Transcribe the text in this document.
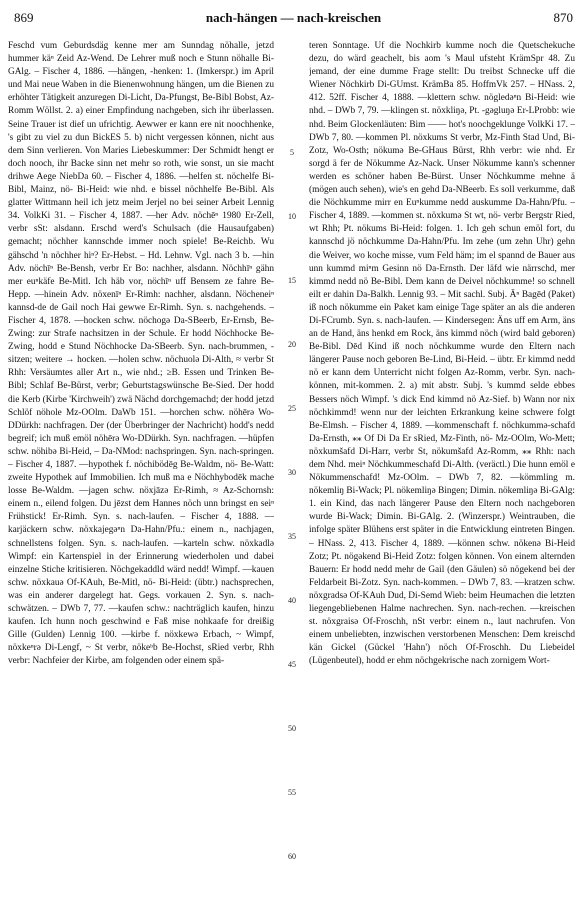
869	nach-hängen — nach-kreischen	870

Feschd vum Geburdsdäg kenne mer am Sunndag nöhalle, jetzd hummer käⁿ Zeid Az-Wend. De Lehrer muß noch e Stunn nöhalle Bi-GAlg. – Fischer 4, 1886. —hängen, -henken: 1. (Imkerspr.) im April und Mai neue Waben in die Bienenwohnung hängen, um die Bienen zu erhöhter Tätigkeit anzuregen Di-Licht, Da-Pfungst, Be-Bibl Bobst, Az-Romm Wöllst. 2. a) einer Empfindung nachgeben, sich ihr überlassen. Seine Trauer ist dief un ufrichtig. Aewwer er kann ere nit noochhenke, 's gibt zu viel zu dun BickES 5. b) nicht vergessen können, nicht aus dem Sinn verlieren. Von Maries Liebeskummer: Der Schmidt hengt er doch nooch, ihr Backe sinn net mehr so roth, wie sonst, un sie macht drihwe Aege NiebDa 60. – Fischer 4, 1886. —helfen st. nöchelfe Bi-Bibl, Mainz, nö- Bi-Heid: wie nhd. e bissel nöchhelfe Be-Bibl. Als glatter Wittmann heil ich jetz meim Jerjel no bei seiner Arbeit Lennig 34. VolkKi 31. – Fischer 4, 1887. —her Adv. nöchēⁿ 1980 Er-Zell, verbr sSt: alsdann. Erschd werd's Schulsach (die Hausaufgaben) gemacht; nöchher kannschde immer noch spiele! Be-Reichb. Wu gähschd 'n nöchher hiⁿ? Er-Hebst. – Hd. Lehnw. Vgl. nach 3 b. —hin Adv. nöchīⁿ Be-Bensh, verbr Er Bo: nachher, alsdann. Nöchhīⁿ gähn mer euⁿkäfe Be-Mitl. Ich häb vor, nöchīⁿ uff Bensem ze fahre Be-Hepp. —hinein Adv. nöxenīⁿ Er-Rimh: nachher, alsdann. Nöcheneiⁿ kannsd-de de Gail noch Hai gewwe Er-Rimh. Syn. s. nachgehends. – Fischer 4, 1878. —hocken schw. nöchogə Da-SBeerb, Er-Ernsb, Be-Zwing: zur Strafe nachsitzen in der Schule. Er hodd Nöchhocke Be-Zwing, hodd e Stund Nöchhocke Da-SBeerb. Syn. nach-brummen, -sitzen; weitere → hocken. —holen schw. nöchuolə Di-Alth, ≈ verbr St Rhh: Versäumtes aller Art n., wie nhd.; ≥B. Essen und Trinken Be-Bibl; Schlaf Be-Bürst, verbr; Geburtstagswünsche Be-Sied. Der hodd die Kerb (Kirbe 'Kirchweih') zwä Nächd dorchgemachd; der hodd jetzd Schlöf nöhole Mz-OOlm. DaWb 151. —horchen schw. nöhērə Wo-DDürkh: nachfragen. Der (der Überbringer der Nachricht) hodd's nedd begreif; ich muß emöl nöhērə Wo-DDürkh. Syn. nachfragen. —hüpfen schw. nöhibə Bi-Heid, – Da-NMod: nachspringen. Syn. nach-springen. – Fischer 4, 1887. —hypothek f. nöchibödēg Be-Waldm, nö- Be-Watt: zweite Hypothek auf Immobilien. Ich muß ma e Nöchhybodēk mache losse Be-Waldm. —jagen schw. nöxjāzə Er-Rimh, ≈ Az-Schornsh: einem n., eilend folgen. Du jēzst dem Hannes nöch unn bringst en seiⁿ Frühstick! Er-Rimh. Syn. s. nach-laufen. – Fischer 4, 1888. —karjäckern schw. nöxkajegəⁿn Da-Hahn/Pfu.: einem n., nachjagen, schnellstens folgen. Syn. s. nach-laufen. —karteln schw. nöxkadlə Wimpf: ein Kartenspiel in der Erinnerung wiederholen und dabei einzelne Stiche kritisieren. Nöchgekaddld wärd nedd! Wimpf. —kauen schw. nöxkauə Of-KAuh, Be-Mitl, nö- Bi-Heid: (übtr.) nachsprechen, was ein anderer dargelegt hat. Gegs. vorkauen 2. Syn. s. nach-schwätzen. – DWb 7, 77. —kaufen schw.: nachträglich kaufen, hinzu kaufen. Ich hunn noch geschwind e Faß mise nohkaafe for dreißig Gille (Gulden) Lennig 100. —kirbe f. nöxkewə Erbach, ~ Wimpf, nöxkeⁿrə Di-Lengf, ~ St verbr, nökeᵇb Be-Hochst, sRied verbr, Rhh verbr: Nachfeier der Kirbe, am folgenden oder einem spä-

5
10
15
20
25
30
35
40
45
50
55
60

teren Sonntage. Uf die Nochkirb kumme noch die Quetschekuche dezu, do wärd geachelt, bis aom 's Maul ufsteht KrämSpr 48. Zu jemand, der eine dumme Frage stellt: Du treibst Schnecke uff die Wiener Nöchkirb Di-GUmst. KrämBa 85. HoffmVk 257. – HNass. 2, 412. 52ff. Fischer 4, 1888. —klettern schw. nögledəⁿn Bi-Heid: wie nhd. – DWb 7, 79. —klingen st. nöxkliŋə, Pt. -gəgluŋə Er-LProbb: wie nhd. Beim Glockenläuten: Bim —— hot's noochgeklunge VolkKi 17. – DWb 7, 80. —kommen Pl. nöxkums St verbr, Mz-Finth Stad Und, Bi-Zotz, Wo-Osth; nökumə Be-GHaus Bürst, Rhh verbr: wie nhd. Er sorgd ä fer de Nökumme Az-Nack. Unser Nökumme kann's schenner werden es schöner haben Be-Bürst. Unser Nöchkumme mehne ä (mögen auch sehen), wie's en gehd Da-NBeerb. Es soll verkumme, daß die Nöchkumme mirr en Euⁿkumme nedd auskumme Da-Hahn/Pfu. – Fischer 4, 1889. —kommen st. nöxkumə St wt, nö- verbr Bergstr Ried, wt Rhh; Pt. nökums Bi-Heid: folgen. 1. Ich geh schun emöl fort, du kannschd jö nöchkumme Da-Hahn/Pfu. Im zehe (um zehn Uhr) gehn die Weiver, wo koche misse, vum Feld häm; im el spannd de Bauer aus unn kummd miⁿm Gesinn nö Da-Ernsth. Der läfd wie närrschd, mer kimmd nedd nö Be-Bibl. Dem kann de Deivel nöchkumme! so schnell eilt er dahin Da-Balkh. Lennig 93. – Mit sachl. Subj. Āⁿ Bagēd (Paket) iß noch nökumme ein Paket kam einige Tage später an als die anderen Di-FCrumb. Syn. s. nach-laufen. — Kindersegen: Äns uff em Arm, äns an de Hand, äns henkd em Rock, äns kimmd nöch (wird bald geboren) Be-Bibl. Dēd Kind iß noch nöchkumme wurde den Eltern nach längerer Pause noch geboren Be-Lind, Bi-Heid. – übtr. Er kimmd nedd nö er kann dem Unterricht nicht folgen Az-Romm, verbr. Syn. nach-können, mit-kommen. 2. a) mit abstr. Subj. 's kummd selde ebbes Bessers nöch Wimpf. 's dick End kimmd nö Az-Sief. b) Wann nor nix nöchkimmd! wenn nur der leichten Erkrankung keine schwere folgt Be-Elmsh. – Fischer 4, 1889. —kommenschaft f. nöchkummə-schafd Da-Ernsth, ⁎⁎ Of Di Da Er sRied, Mz-Finth, nö- Mz-OOlm, Wo-Mett; nöxkumšafd Di-Harr, verbr St, nökumšafd Az-Romm, ⁎⁎ Rhh: nach dem Nhd. meiⁿ Nöchkummeschafd Di-Alth. (veräctl.) Die hunn emöl e Nökummenschafd! Mz-OOlm. – DWb 7, 82. —kömmling m. nökemliŋ Bi-Wack; Pl. nökemliŋə Bingen; Dimin. nökemliŋə Bi-GAlg: 1. ein Kind, das nach längerer Pause den Eltern noch nachgeboren wurde Bi-Wack; Dimin. Bi-GAlg. 2. (Winzerspr.) Weintrauben, die infolge später Blühens erst später in die Entwicklung eintreten Bingen. – HNass. 2, 413. Fischer 4, 1889. —können schw. nökenə Bi-Heid Zotz; Pt. nögəkend Bi-Heid Zotz: folgen können. Von einem alternden Bauern: Er hodd nedd mehr de Gail (den Gäulen) sö nögekend bei der Feldarbeit Bi-Zotz. Syn. nach-kommen. – DWb 7, 83. —kratzen schw. nöxgradsə Of-KAuh Dud, Di-Semd Wieb: beim Heumachen die letzten liegengebliebenen Halme nachrechen. Syn. nach-rechen. —kreischen st. nöxgraisə Of-Froschh, nSt verbr: einem n., laut nachrufen. Von einem unbeliebten, inzwischen verstorbenen Menschen: Dem kreischd kän Gickel (Gückel 'Hahn') nöch Of-Froschh. Du Liebeidel (Lügenbeutel), hodd er ehm nöchgekrische nach zornigem Wort-
